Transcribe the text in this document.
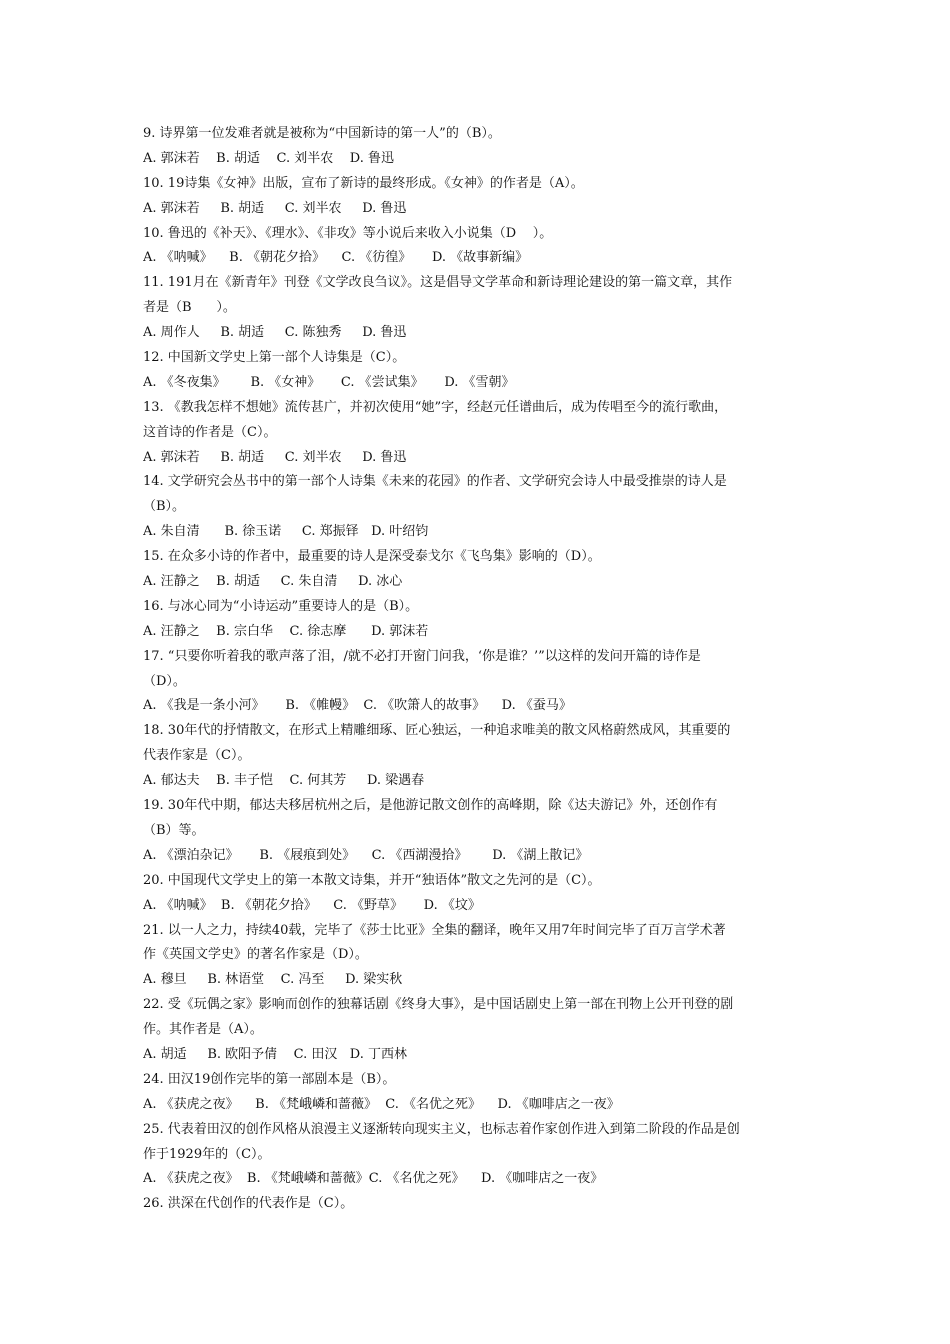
9. 诗界第一位发难者就是被称为“中国新诗的第一人”的（B）。
A. 郭沫若    B. 胡适    C. 刘半农    D. 鲁迅
10. 19诗集《女神》出版，宣布了新诗的最终形成。《女神》的作者是（A）。
A. 郭沫若     B. 胡适     C. 刘半农     D. 鲁迅
10. 鲁迅的《补天》、《理水》、《非攻》等小说后来收入小说集（D    ）。
A. 《呐喊》    B. 《朝花夕拾》    C. 《彷徨》     D. 《故事新编》
11. 191月在《新青年》刊登《文学改良刍议》。这是倡导文学革命和新诗理论建设的第一篇文章，其作
者是（B      ）。
A. 周作人     B. 胡适     C. 陈独秀     D. 鲁迅
12. 中国新文学史上第一部个人诗集是（C）。
A. 《冬夜集》      B. 《女神》     C. 《尝试集》     D. 《雪朝》
13. 《教我怎样不想她》流传甚广，并初次使用“她”字，经赵元任谱曲后，成为传唱至今的流行歌曲，
这首诗的作者是（C）。
A. 郭沫若     B. 胡适     C. 刘半农     D. 鲁迅
14. 文学研究会丛书中的第一部个人诗集《未来的花园》的作者、文学研究会诗人中最受推崇的诗人是
（B）。
A. 朱自清      B. 徐玉诺     C. 郑振铎   D. 叶绍钧
15. 在众多小诗的作者中，最重要的诗人是深受泰戈尔《飞鸟集》影响的（D）。
A. 汪静之    B. 胡适     C. 朱自清     D. 冰心
16. 与冰心同为“小诗运动”重要诗人的是（B）。
A. 汪静之    B. 宗白华    C. 徐志摩      D. 郭沫若
17. “只要你听着我的歌声落了泪，/就不必打开窗门问我，‘你是谁？’”以这样的发问开篇的诗作是
（D）。
A. 《我是一条小河》     B. 《帷幔》  C. 《吹箫人的故事》    D. 《蚕马》
18. 30年代的抒情散文，在形式上精雕细琢、匠心独运，一种追求唯美的散文风格蔚然成风，其重要的
代表作家是（C）。
A. 郁达夫    B. 丰子恺    C. 何其芳     D. 梁遇春
19. 30年代中期，郁达夫移居杭州之后，是他游记散文创作的高峰期，除《达夫游记》外，还创作有
（B）等。
A. 《漂泊杂记》     B. 《屐痕到处》    C. 《西湖漫拾》      D. 《湖上散记》
20. 中国现代文学史上的第一本散文诗集，并开“独语体”散文之先河的是（C）。
A. 《呐喊》  B. 《朝花夕拾》    C. 《野草》     D. 《坟》
21. 以一人之力，持续40载，完毕了《莎士比亚》全集的翻译，晚年又用7年时间完毕了百万言学术著
作《英国文学史》的著名作家是（D）。
A. 穆旦     B. 林语堂    C. 冯至     D. 梁实秋
22. 受《玩偶之家》影响而创作的独幕话剧《终身大事》，是中国话剧史上第一部在刊物上公开刊登的剧
作。其作者是（A）。
A. 胡适     B. 欧阳予倩    C. 田汉   D. 丁西林
24. 田汉19创作完毕的第一部剧本是（B）。
A. 《获虎之夜》    B. 《梵峨嶙和蔷薇》  C. 《名优之死》    D. 《咖啡店之一夜》
25. 代表着田汉的创作风格从浪漫主义逐渐转向现实主义，也标志着作家创作进入到第二阶段的作品是创
作于1929年的（C）。
A. 《获虎之夜》  B. 《梵峨嶙和蔷薇》C. 《名优之死》    D. 《咖啡店之一夜》
26. 洪深在代创作的代表作是（C）。
